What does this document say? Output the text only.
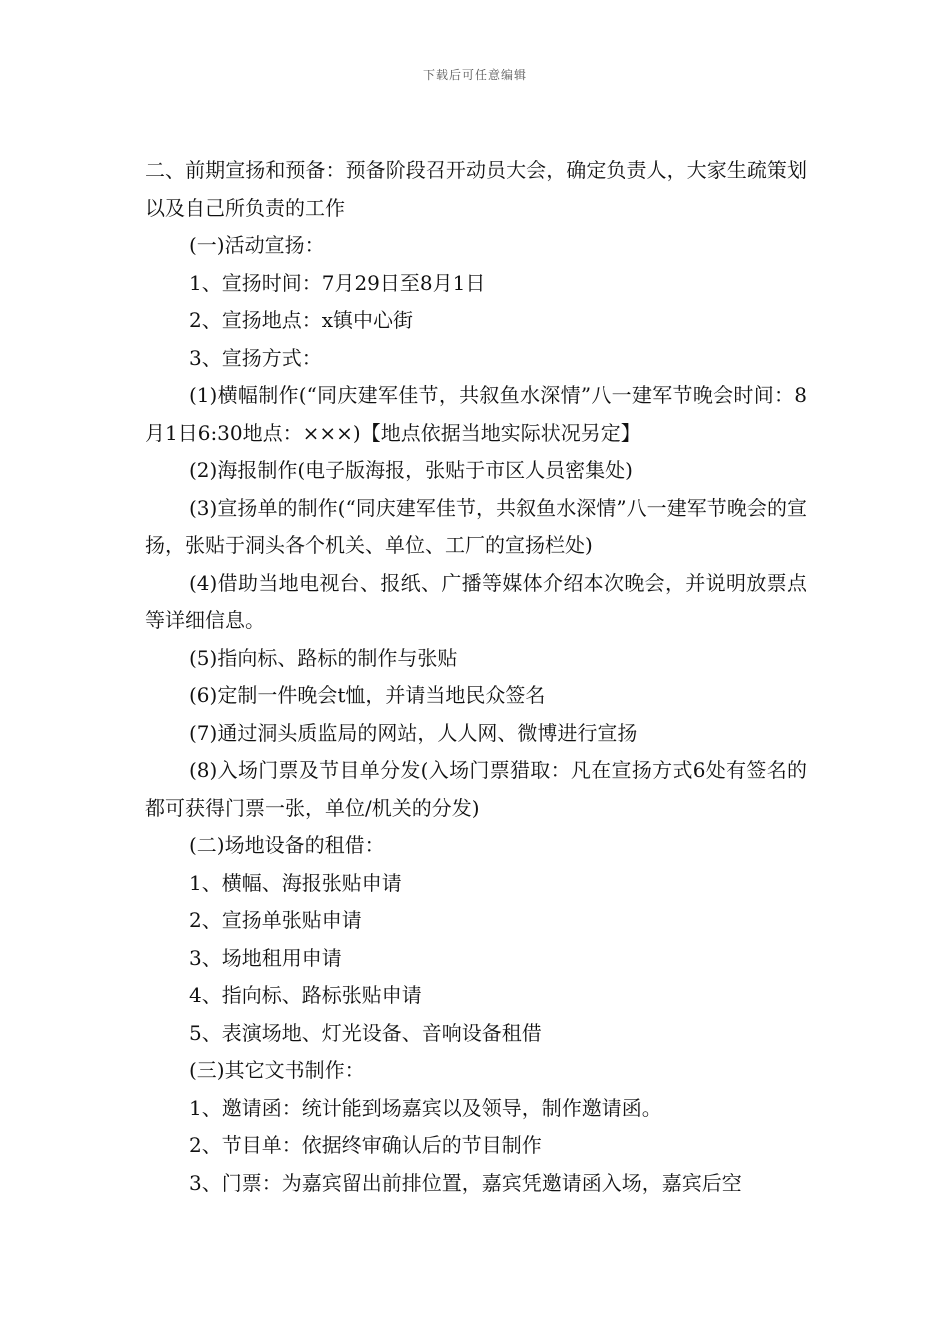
下载后可任意编辑

二、前期宣扬和预备：预备阶段召开动员大会，确定负责人，大家生疏策划以及自己所负责的工作

(一)活动宣扬：

1、宣扬时间：7月29日至8月1日

2、宣扬地点：x镇中心街

3、宣扬方式：

(1)横幅制作(“同庆建军佳节，共叙鱼水深情”八一建军节晚会时间：8月1日6:30地点：×××)【地点依据当地实际状况另定】

(2)海报制作(电子版海报，张贴于市区人员密集处)

(3)宣扬单的制作(“同庆建军佳节，共叙鱼水深情”八一建军节晚会的宣扬，张贴于洞头各个机关、单位、工厂的宣扬栏处)

(4)借助当地电视台、报纸、广播等媒体介绍本次晚会，并说明放票点等详细信息。

(5)指向标、路标的制作与张贴

(6)定制一件晚会t恤，并请当地民众签名

(7)通过洞头质监局的网站，人人网、微博进行宣扬

(8)入场门票及节目单分发(入场门票猎取：凡在宣扬方式6处有签名的都可获得门票一张，单位/机关的分发)

(二)场地设备的租借：

1、横幅、海报张贴申请

2、宣扬单张贴申请

3、场地租用申请

4、指向标、路标张贴申请

5、表演场地、灯光设备、音响设备租借

(三)其它文书制作：

1、邀请函：统计能到场嘉宾以及领导，制作邀请函。

2、节目单：依据终审确认后的节目制作

3、门票：为嘉宾留出前排位置，嘉宾凭邀请函入场，嘉宾后空
